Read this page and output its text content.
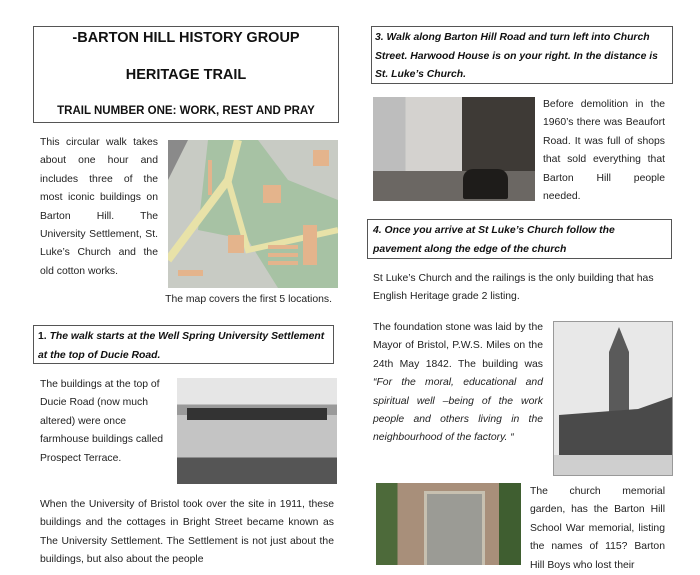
-BARTON HILL HISTORY GROUP
HERITAGE TRAIL
TRAIL NUMBER ONE: WORK, REST AND PRAY
This circular walk takes about one hour and includes three of the most iconic buildings on Barton Hill. The University Settlement, St. Luke’s Church and the old cotton works.
The map covers the first 5 locations.
1. The walk starts at the Well Spring University Settlement at the top of Ducie Road.
The buildings at the top of Ducie Road (now much altered) were once farmhouse buildings called Prospect Terrace.
When the University of Bristol took over the site in 1911, these buildings and the cottages in Bright Street became known as The University Settlement. The Settlement is not just about the buildings, but also about the people
3. Walk along Barton Hill Road and turn left into Church Street. Harwood House is on your right. In the distance is St. Luke’s Church.
Before demolition in the 1960’s there was Beaufort Road. It was full of shops that sold everything that Barton Hill people needed.
4. Once you arrive at St Luke’s Church follow the pavement along the edge of the church
St Luke’s Church and the railings is the only building that has English Heritage grade 2 listing.
The foundation stone was laid by the Mayor of Bristol, P.W.S. Miles on the 24th May 1842. The building was “For the moral, educational and spiritual well –being of the work people and others living in the neighbourhood of the factory. “
The church memorial garden, has the Barton Hill School War memorial, listing the names of 115? Barton Hill Boys who lost their
